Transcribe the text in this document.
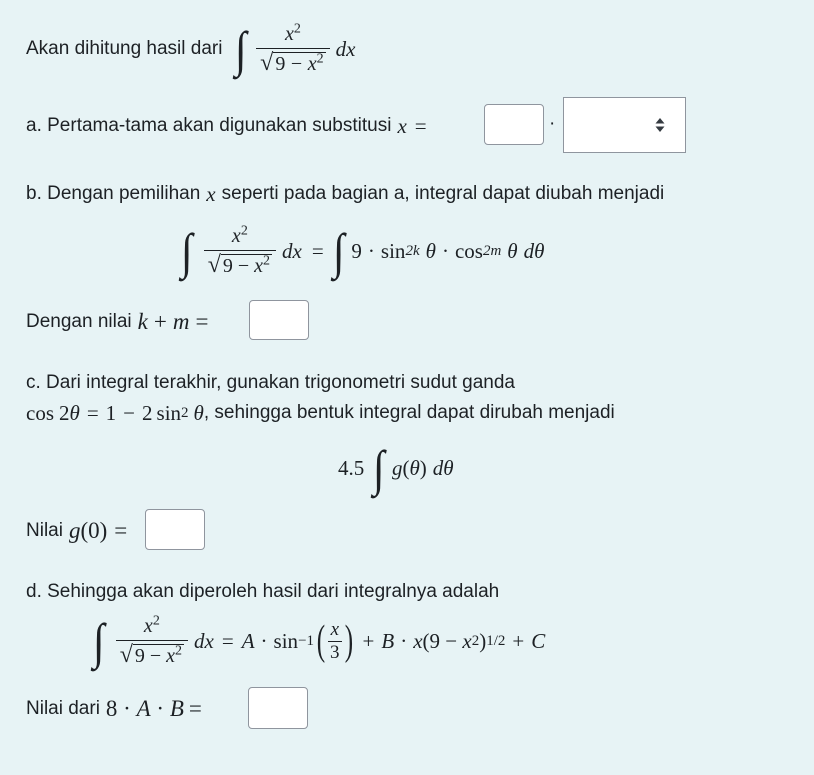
Akan dihitung hasil dari ∫ $\frac{x^2}{√ 9 - x^2}$ dx
a. Pertama-tama akan digunakan substitusi x =	·
b. Dengan pemilihan x seperti pada bagian a, integral dapat diubah menjadi
∫ $\frac{x^2}{√ 9 - x^2}$ dx = ∫ 9 · sin 2k θ · cos 2m θ dθ
Dengan nilai k + m =
c. Dari integral terakhir, gunakan trigonometri sudut ganda
cos 2θ = 1 − 2 sin 2 θ , sehingga bentuk integral dapat dirubah menjadi
4.5 ∫ g (θ) dθ
Nilai g (0) =
d. Sehingga akan diperoleh hasil dari integralnya adalah
∫ $\frac{x^2}{√ 9 - x^2}$ dx = A · sin −1 ( $\frac{x}{3}$ ) + B · x (9 − x 2 ) 1/2 + C
Nilai dari 8 · A · B =
